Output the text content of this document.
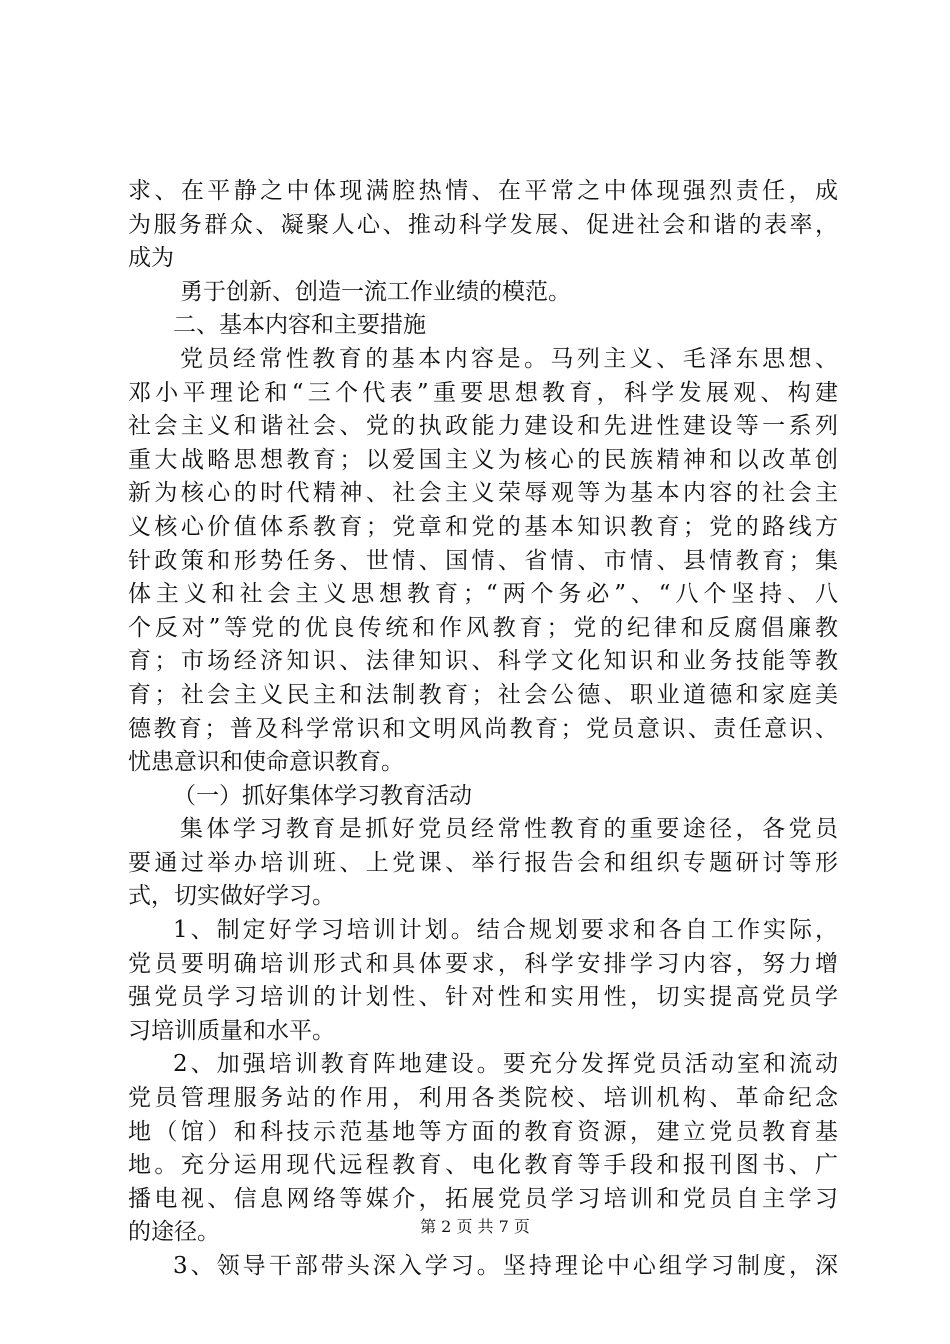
求、在平静之中体现满腔热情、在平常之中体现强烈责任，成
为服务群众、凝聚人心、推动科学发展、促进社会和谐的表率，
成为
勇于创新、创造一流工作业绩的模范。
二、基本内容和主要措施
党员经常性教育的基本内容是。马列主义、毛泽东思想、
邓小平理论和“三个代表”重要思想教育，科学发展观、构建
社会主义和谐社会、党的执政能力建设和先进性建设等一系列
重大战略思想教育；以爱国主义为核心的民族精神和以改革创
新为核心的时代精神、社会主义荣辱观等为基本内容的社会主
义核心价值体系教育；党章和党的基本知识教育；党的路线方
针政策和形势任务、世情、国情、省情、市情、县情教育；集
体主义和社会主义思想教育；“两个务必”、“八个坚持、八
个反对”等党的优良传统和作风教育；党的纪律和反腐倡廉教
育；市场经济知识、法律知识、科学文化知识和业务技能等教
育；社会主义民主和法制教育；社会公德、职业道德和家庭美
德教育；普及科学常识和文明风尚教育；党员意识、责任意识、
忧患意识和使命意识教育。
（一）抓好集体学习教育活动
集体学习教育是抓好党员经常性教育的重要途径，各党员
要通过举办培训班、上党课、举行报告会和组织专题研讨等形
式，切实做好学习。
1、制定好学习培训计划。结合规划要求和各自工作实际，
党员要明确培训形式和具体要求，科学安排学习内容，努力增
强党员学习培训的计划性、针对性和实用性，切实提高党员学
习培训质量和水平。
2、加强培训教育阵地建设。要充分发挥党员活动室和流动
党员管理服务站的作用，利用各类院校、培训机构、革命纪念
地（馆）和科技示范基地等方面的教育资源，建立党员教育基
地。充分运用现代远程教育、电化教育等手段和报刊图书、广
播电视、信息网络等媒介，拓展党员学习培训和党员自主学习
的途径。
3、领导干部带头深入学习。坚持理论中心组学习制度，深
第 2 页 共 7 页
